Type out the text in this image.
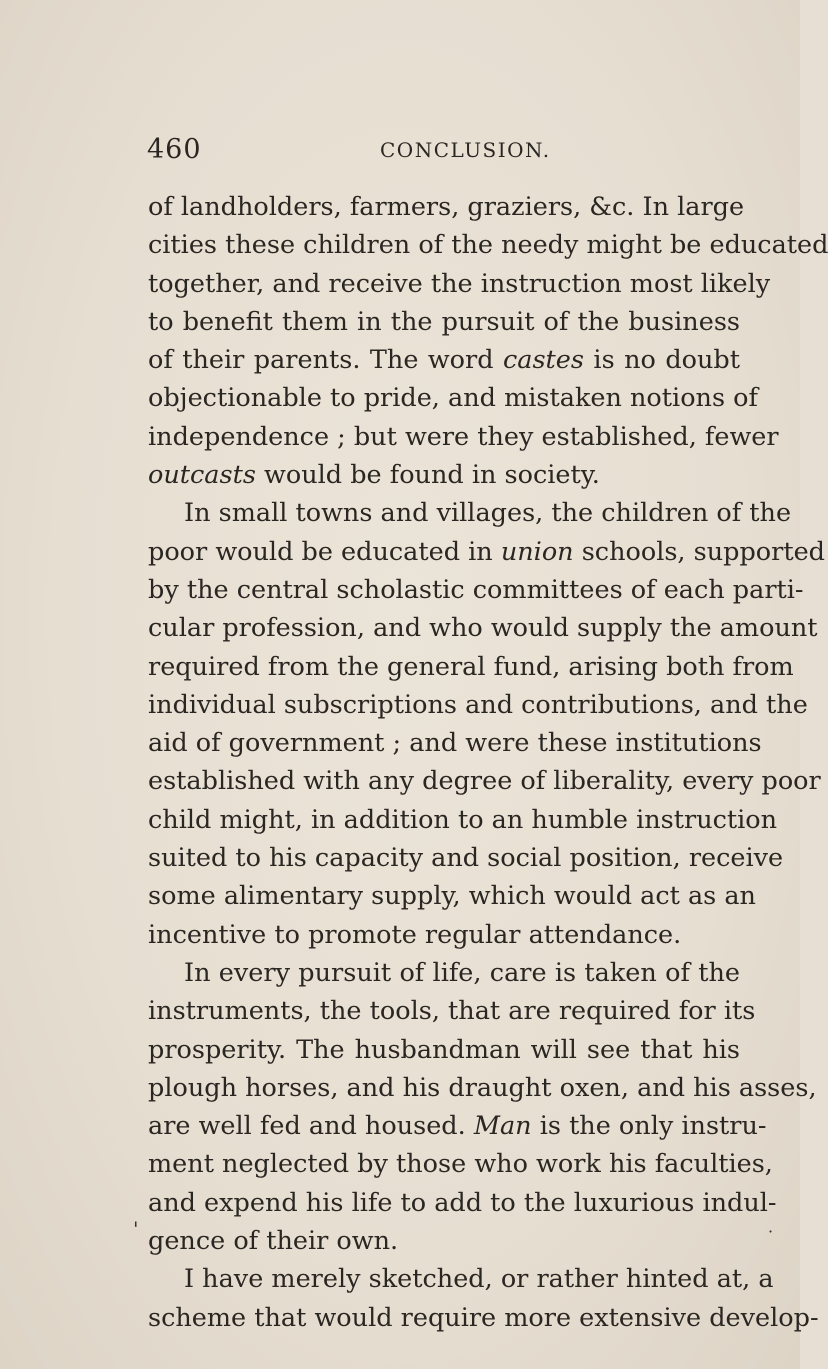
460	CONCLUSION.
of landholders, farmers, graziers, &c. In large
cities these children of the needy might be educated
together, and receive the instruction most likely
to benefit them in the pursuit of the business
of their parents. The word castes is no doubt
objectionable to pride, and mistaken notions of
independence ; but were they established, fewer
outcasts would be found in society.
In small towns and villages, the children of the
poor would be educated in union schools, supported
by the central scholastic committees of each parti-
cular profession, and who would supply the amount
required from the general fund, arising both from
individual subscriptions and contributions, and the
aid of government ; and were these institutions
established with any degree of liberality, every poor
child might, in addition to an humble instruction
suited to his capacity and social position, receive
some alimentary supply, which would act as an
incentive to promote regular attendance.
In every pursuit of life, care is taken of the
instruments, the tools, that are required for its
prosperity. The husbandman will see that his
plough horses, and his draught oxen, and his asses,
are well fed and housed. Man is the only instru-
ment neglected by those who work his faculties,
and expend his life to add to the luxurious indul-
gence of their own.
I have merely sketched, or rather hinted at, a
scheme that would require more extensive develop-
'	·
